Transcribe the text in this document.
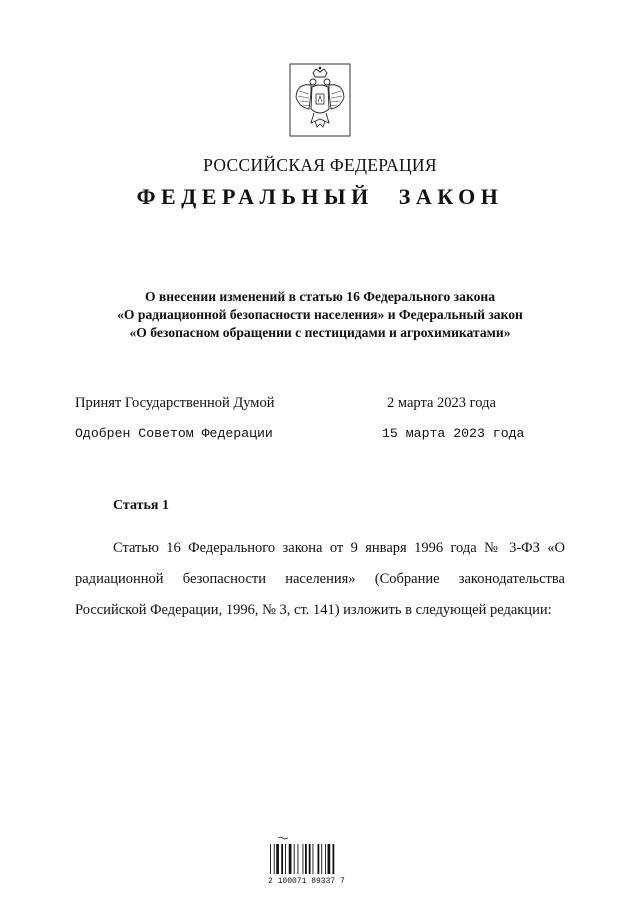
РОССИЙСКАЯ ФЕДЕРАЦИЯ
ФЕДЕРАЛЬНЫЙ ЗАКОН
О внесении изменений в статью 16 Федерального закона
«О радиационной безопасности населения» и Федеральный закон
«О безопасном обращении с пестицидами и агрохимикатами»
Принят Государственной Думой	2 марта 2023 года
Одобрен Советом Федерации	15 марта 2023 года
Статья 1
Статью 16 Федерального закона от 9 января 1996 года № 3-ФЗ «О радиационной безопасности населения» (Собрание законодательства Российской Федерации, 1996, № 3, ст. 141) изложить в следующей редакции:
2 100071 89337 7
